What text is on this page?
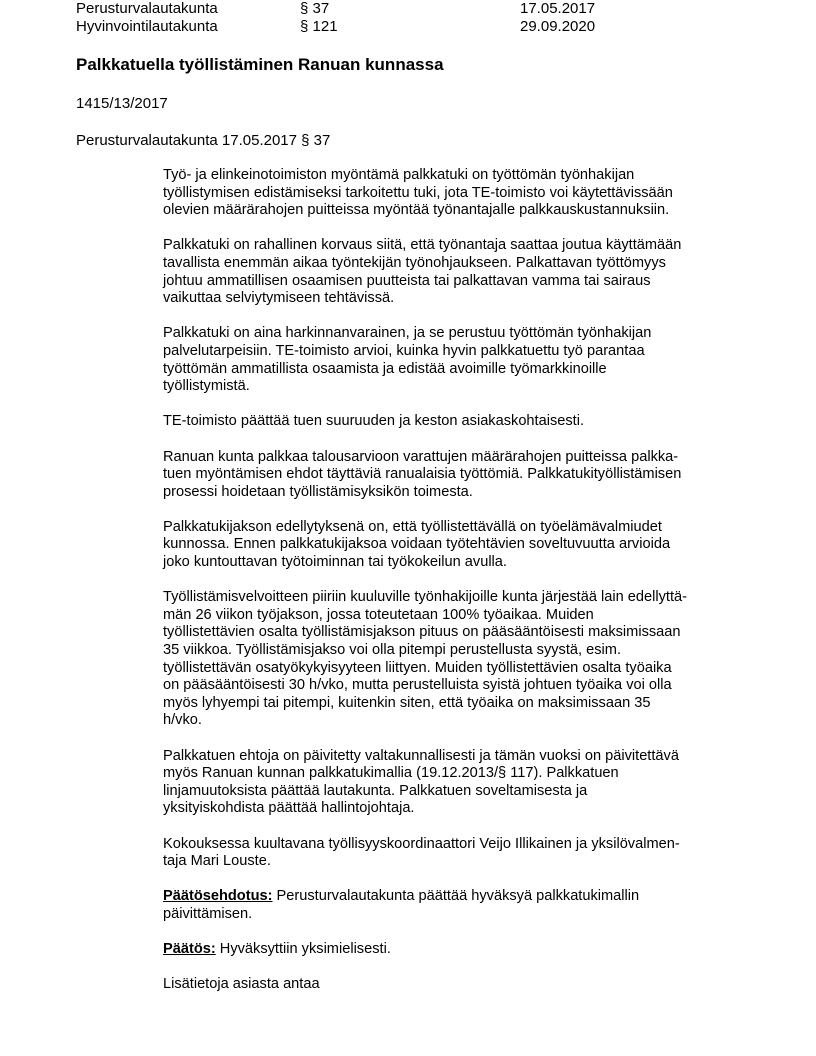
Perusturvalautakunta	§ 37	17.05.2017
Hyvinvointilautakunta	§ 121	29.09.2020
Palkkatuella työllistäminen Ranuan kunnassa
1415/13/2017
Perusturvalautakunta 17.05.2017 § 37

Työ- ja elinkeinotoimiston myöntämä palkkatuki on työttömän työnhakijan
työllistymisen edistämiseksi tarkoitettu tuki, jota TE-toimisto voi käytettävissään
olevien määrärahojen puitteissa myöntää työnantajalle palkkauskustannuksiin.

Palkkatuki on rahallinen korvaus siitä, että työnantaja saattaa joutua käyttämään
tavallista enemmän aikaa työntekijän työnohjaukseen. Palkattavan työttömyys
johtuu ammatillisen osaamisen puutteista tai palkattavan vamma tai sairaus
vaikuttaa selviytymiseen tehtävissä.

Palkkatuki on aina harkinnanvarainen, ja se perustuu työttömän työnhakijan
palvelutarpeisiin. TE-toimisto arvioi, kuinka hyvin palkkatuettu työ parantaa
työttömän ammatillista osaamista ja edistää avoimille työmarkkinoille
työllistymistä.

TE-toimisto päättää tuen suuruuden ja keston asiakaskohtaisesti.

Ranuan kunta palkkaa talousarvioon varattujen määrärahojen puitteissa palkka-
tuen myöntämisen ehdot täyttäviä ranualaisia työttömiä. Palkkatukityöllistämisen
prosessi hoidetaan työllistämisyksikön toimesta.

Palkkatukijakson edellytyksenä on, että työllistettävällä on työelämävalmiudet
kunnossa. Ennen palkkatukijaksoa voidaan työtehtävien soveltuvuutta arvioida
joko kuntouttavan työtoiminnan tai työkokeilun avulla.

Työllistämisvelvoitteen piiriin kuuluville työnhakijoille kunta järjestää lain edellyttä-
män 26 viikon työjakson, jossa toteutetaan 100% työaikaa. Muiden
työllistettävien osalta työllistämisjakson pituus on pääsääntöisesti maksimissaan
35 viikkoa. Työllistämisjakso voi olla pitempi perustellusta syystä, esim.
työllistettävän osatyökykyisyyteen liittyen. Muiden työllistettävien osalta työaika
on pääsääntöisesti 30 h/vko, mutta perustelluista syistä johtuen työaika voi olla
myös lyhyempi tai pitempi, kuitenkin siten, että työaika on maksimissaan 35
h/vko.

Palkkatuen ehtoja on päivitetty valtakunnallisesti ja tämän vuoksi on päivitettävä
myös Ranuan kunnan palkkatukimallia (19.12.2013/§ 117). Palkkatuen
linjamuutoksista päättää lautakunta. Palkkatuen soveltamisesta ja
yksityiskohdista päättää hallintojohtaja.

Kokouksessa kuultavana työllisyyskoordinaattori Veijo Illikainen ja yksilövalmen-
taja Mari Louste.

Päätösehdotus: Perusturvalautakunta päättää hyväksyä palkkatukimallin
päivittämisen.

Päätös: Hyväksyttiin yksimielisesti.

Lisätietoja asiasta antaa
